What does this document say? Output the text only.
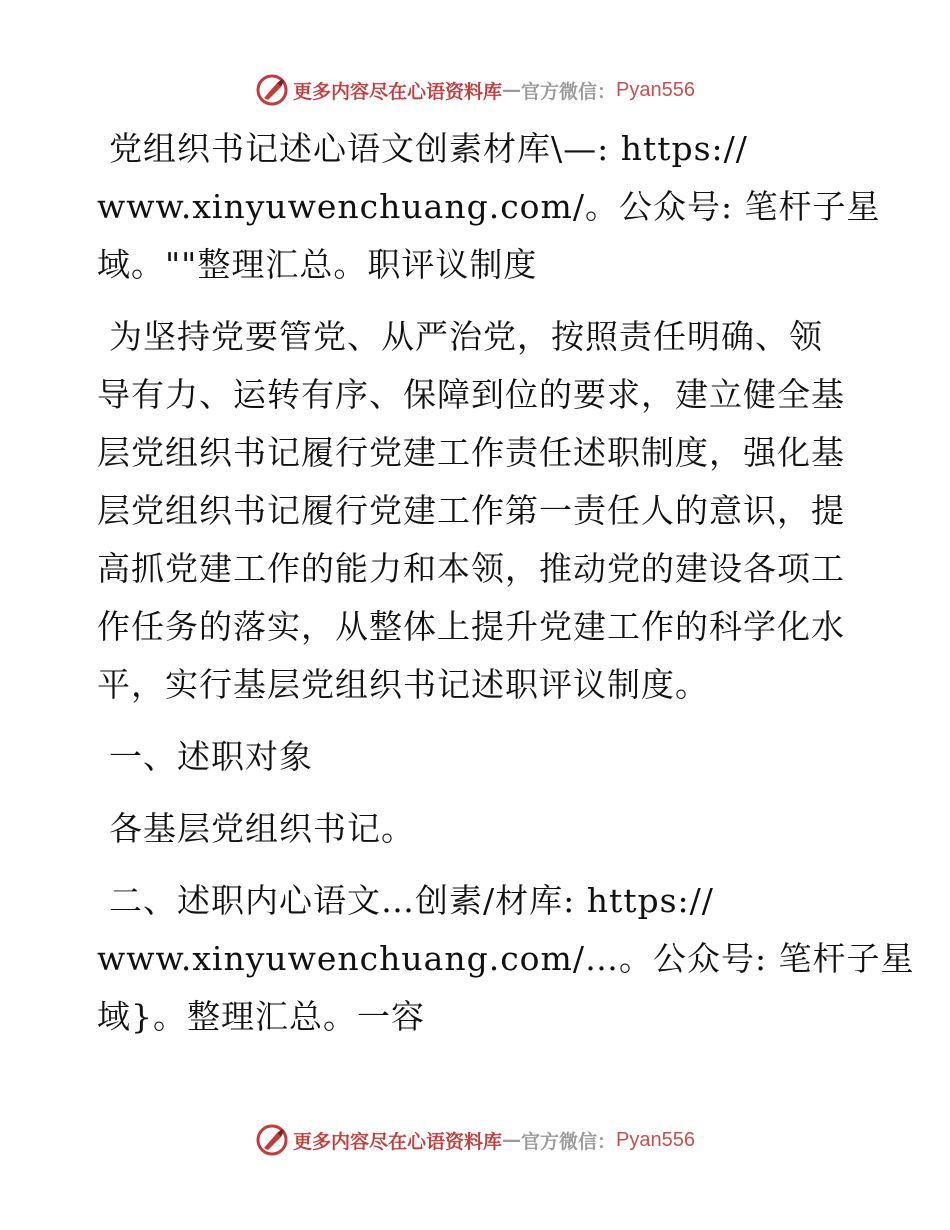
更多内容尽在心语资料库 — 官方微信： Pyan556
党组织书记述心语文创素材库\—: https://
www.xinyuwenchuang.com/。公众号: 笔杆子星
域。""整理汇总。职评议制度
为坚持党要管党、从严治党，按照责任明确、领
导有力、运转有序、保障到位的要求，建立健全基
层党组织书记履行党建工作责任述职制度，强化基
层党组织书记履行党建工作第一责任人的意识，提
高抓党建工作的能力和本领，推动党的建设各项工
作任务的落实，从整体上提升党建工作的科学化水
平，实行基层党组织书记述职评议制度。
一、述职对象
各基层党组织书记。
二、述职内心语文…创素/材库: https://
www.xinyuwenchuang.com/…。公众号: 笔杆子星
域}。整理汇总。一容
更多内容尽在心语资料库 — 官方微信： Pyan556
